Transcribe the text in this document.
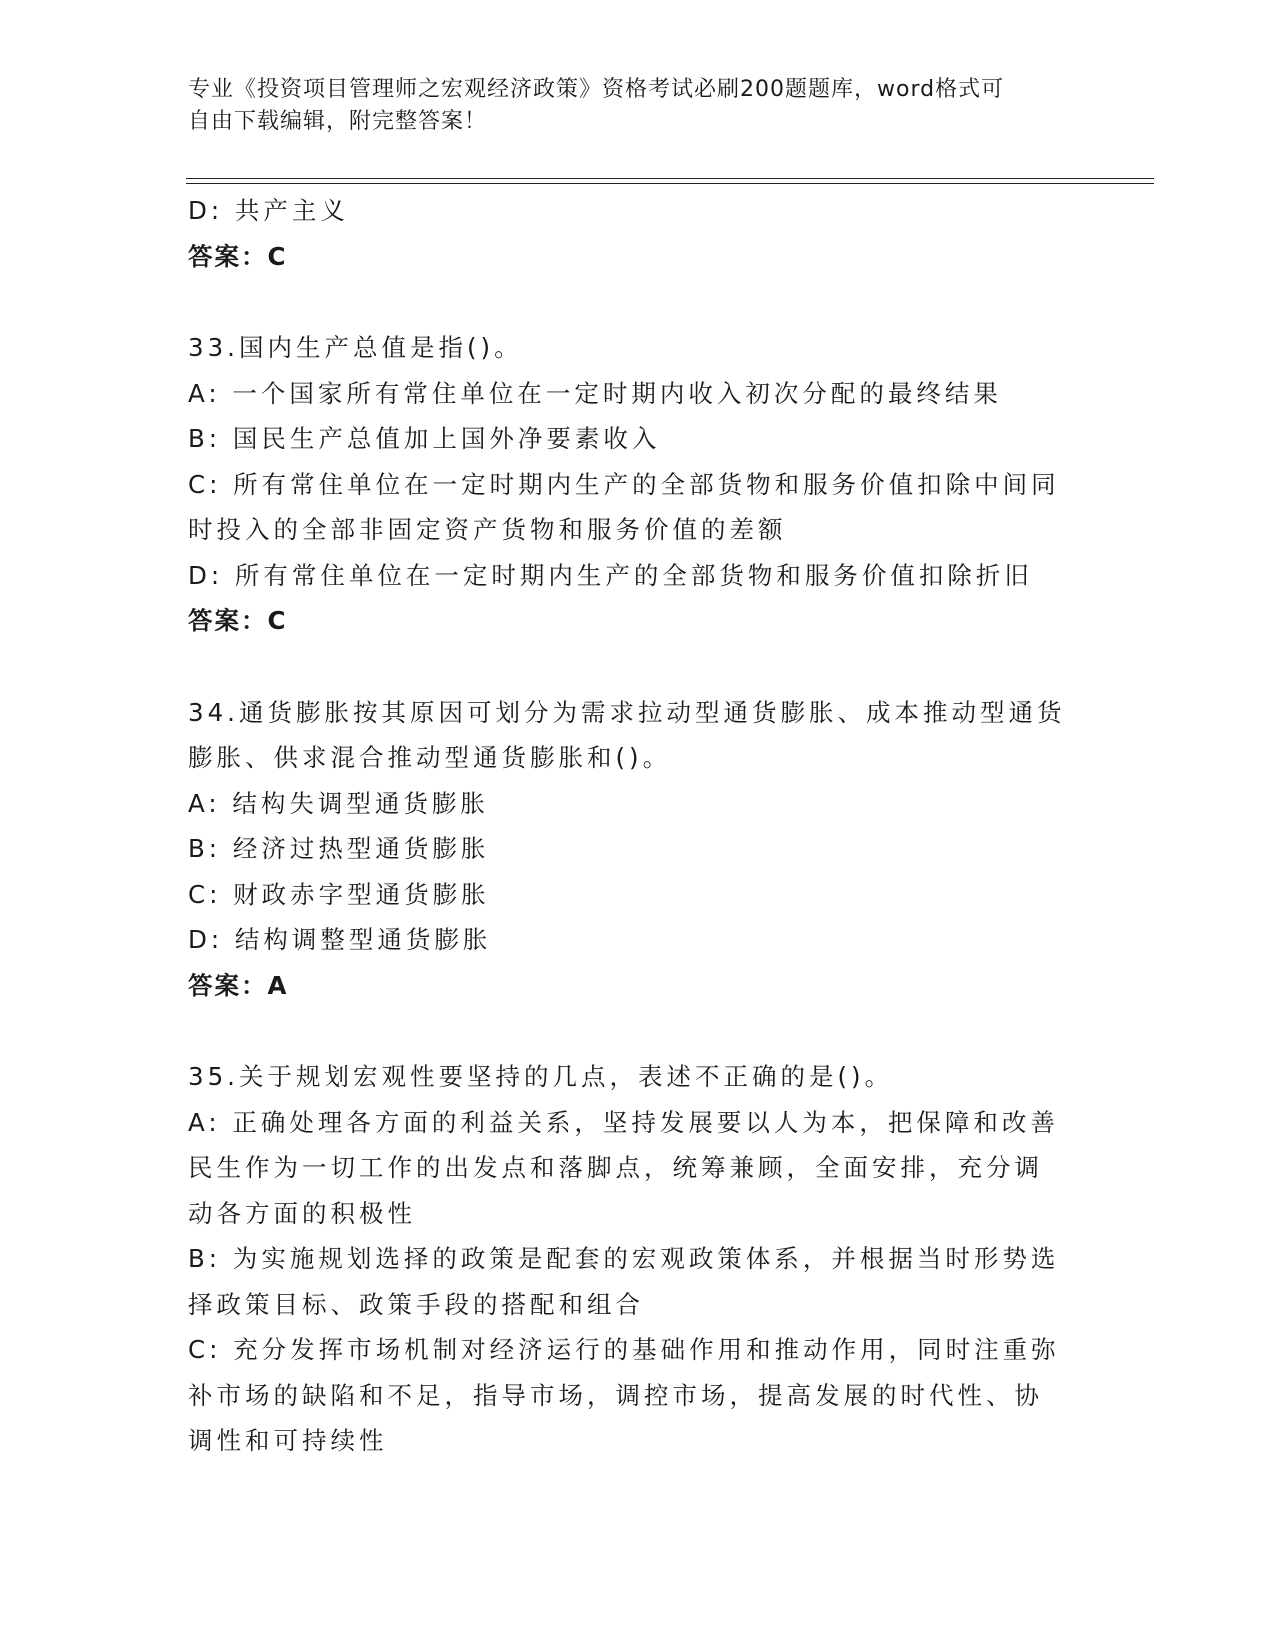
专业《投资项目管理师之宏观经济政策》资格考试必刷200题题库，word格式可
自由下载编辑，附完整答案！

D: 共产主义

答案：C

33.国内生产总值是指()。

A: 一个国家所有常住单位在一定时期内收入初次分配的最终结果

B: 国民生产总值加上国外净要素收入

C: 所有常住单位在一定时期内生产的全部货物和服务价值扣除中间同

时投入的全部非固定资产货物和服务价值的差额

D: 所有常住单位在一定时期内生产的全部货物和服务价值扣除折旧

答案：C

34.通货膨胀按其原因可划分为需求拉动型通货膨胀、成本推动型通货

膨胀、供求混合推动型通货膨胀和()。

A: 结构失调型通货膨胀

B: 经济过热型通货膨胀

C: 财政赤字型通货膨胀

D: 结构调整型通货膨胀

答案：A

35.关于规划宏观性要坚持的几点，表述不正确的是()。

A: 正确处理各方面的利益关系，坚持发展要以人为本，把保障和改善

民生作为一切工作的出发点和落脚点，统筹兼顾，全面安排，充分调

动各方面的积极性

B: 为实施规划选择的政策是配套的宏观政策体系，并根据当时形势选

择政策目标、政策手段的搭配和组合

C: 充分发挥市场机制对经济运行的基础作用和推动作用，同时注重弥

补市场的缺陷和不足，指导市场，调控市场，提高发展的时代性、协

调性和可持续性
